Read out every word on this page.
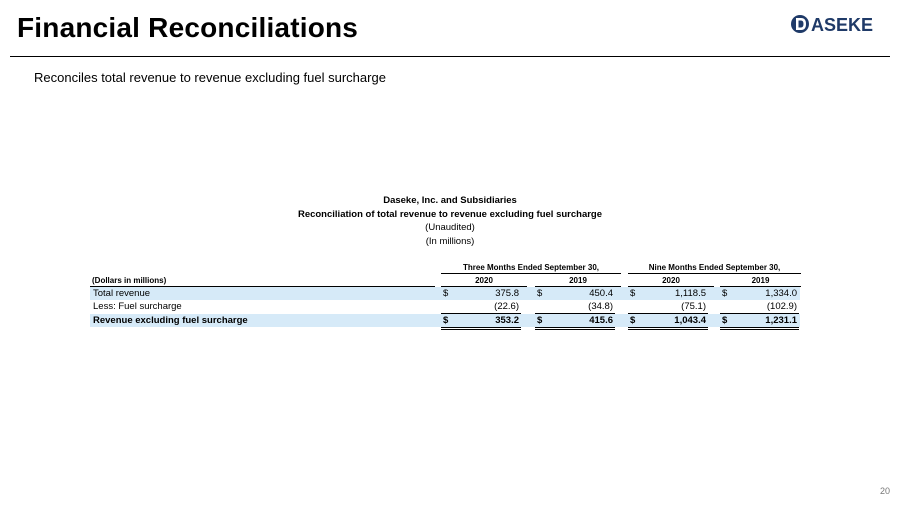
Financial Reconciliations	ASEKE
Reconciles total revenue to revenue excluding fuel surcharge
Daseke, Inc. and Subsidiaries
Reconciliation of total revenue to revenue excluding fuel surcharge
(Unaudited)
(In millions)
Three Months Ended September 30,	Nine Months Ended September 30,
(Dollars in millions)	2020	2019	2020	2019
Total revenue	$	375.8 $	450.4 $	1,118.5 $	1,334.0
Less: Fuel surcharge	(22.6)	(34.8)	(75.1)	(102.9)
Revenue excluding fuel surcharge	$	353.2 $	415.6 $	1,043.4 $	1,231.1
20
